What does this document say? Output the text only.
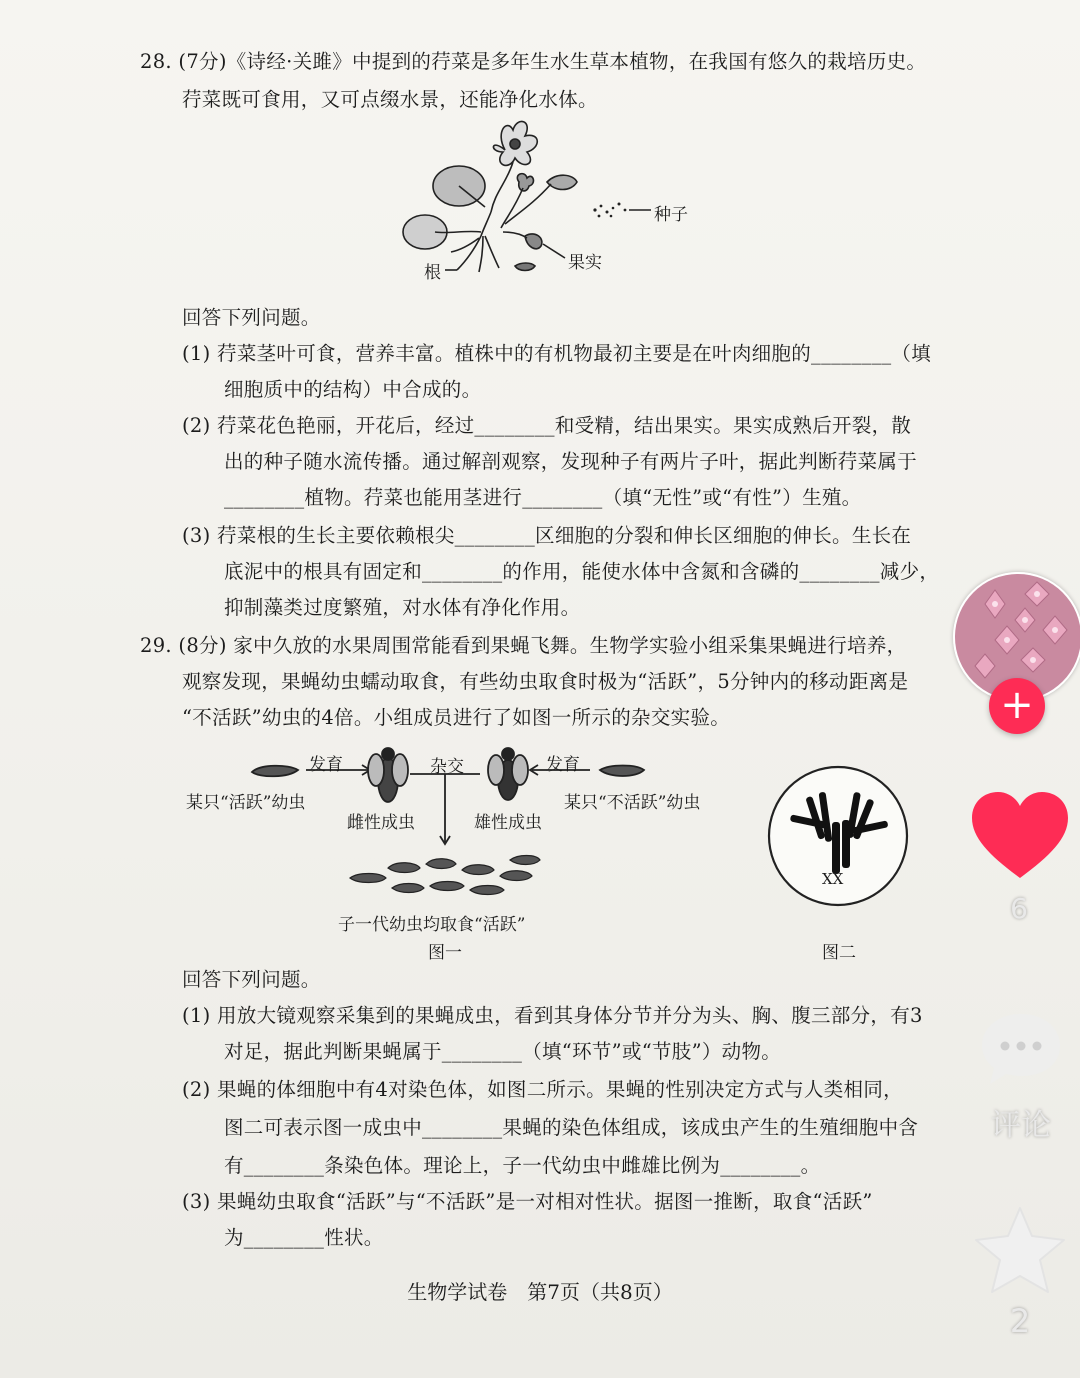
28. (7分)《诗经·关雎》中提到的荇菜是多年生水生草本植物，在我国有悠久的栽培历史。
荇菜既可食用，又可点缀水景，还能净化水体。
种子
果实
根
回答下列问题。
(1) 荇菜茎叶可食，营养丰富。植株中的有机物最初主要是在叶肉细胞的________（填
细胞质中的结构）中合成的。
(2) 荇菜花色艳丽，开花后，经过________和受精，结出果实。果实成熟后开裂，散
出的种子随水流传播。通过解剖观察，发现种子有两片子叶，据此判断荇菜属于
________植物。荇菜也能用茎进行________（填“无性”或“有性”）生殖。
(3) 荇菜根的生长主要依赖根尖________区细胞的分裂和伸长区细胞的伸长。生长在
底泥中的根具有固定和________的作用，能使水体中含氮和含磷的________减少，
抑制藻类过度繁殖，对水体有净化作用。
29. (8分) 家中久放的水果周围常能看到果蝇飞舞。生物学实验小组采集果蝇进行培养，
观察发现，果蝇幼虫蠕动取食，有些幼虫取食时极为“活跃”，5分钟内的移动距离是
“不活跃”幼虫的4倍。小组成员进行了如图一所示的杂交实验。
发育	杂交	发育
某只“活跃”幼虫	某只“不活跃”幼虫
雌性成虫	雄性成虫
子一代幼虫均取食“活跃”
图一
XX
图二
回答下列问题。
(1) 用放大镜观察采集到的果蝇成虫，看到其身体分节并分为头、胸、腹三部分，有3
对足，据此判断果蝇属于________（填“环节”或“节肢”）动物。
(2) 果蝇的体细胞中有4对染色体，如图二所示。果蝇的性别决定方式与人类相同，
图二可表示图一成虫中________果蝇的染色体组成，该成虫产生的生殖细胞中含
有________条染色体。理论上，子一代幼虫中雌雄比例为________。
(3) 果蝇幼虫取食“活跃”与“不活跃”是一对相对性状。据图一推断，取食“活跃”
为________性状。
生物学试卷　第7页（共8页）
+
6
评论
2
